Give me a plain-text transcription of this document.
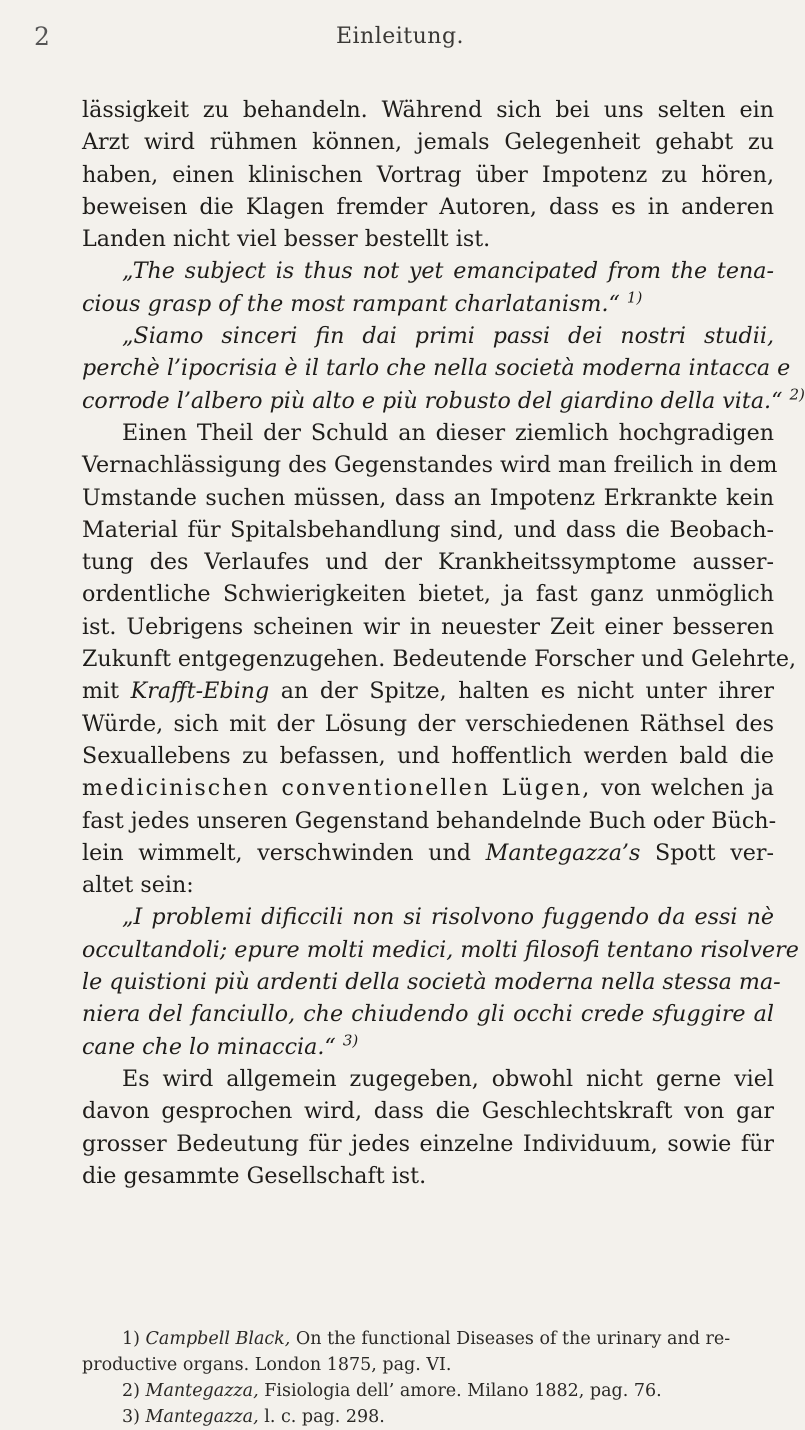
2	Einleitung.
lässigkeit zu behandeln. Während sich bei uns selten ein
Arzt wird rühmen können, jemals Gelegenheit gehabt zu
haben, einen klinischen Vortrag über Impotenz zu hören,
beweisen die Klagen fremder Autoren, dass es in anderen
Landen nicht viel besser bestellt ist.
„The subject is thus not yet emancipated from the tena-
cious grasp of the most rampant charlatanism.“ $^{1)}$
„Siamo sinceri fin dai primi passi dei nostri studii,
perchè l’ipocrisia è il tarlo che nella società moderna intacca e
corrode l’albero più alto e più robusto del giardino della vita.“ $^{2)}$
Einen Theil der Schuld an dieser ziemlich hochgradigen
Vernachlässigung des Gegenstandes wird man freilich in dem
Umstande suchen müssen, dass an Impotenz Erkrankte kein
Material für Spitalsbehandlung sind, und dass die Beobach-
tung des Verlaufes und der Krankheitssymptome ausser-
ordentliche Schwierigkeiten bietet, ja fast ganz unmöglich
ist. Uebrigens scheinen wir in neuester Zeit einer besseren
Zukunft entgegenzugehen. Bedeutende Forscher und Gelehrte,
mit Krafft-Ebing an der Spitze, halten es nicht unter ihrer
Würde, sich mit der Lösung der verschiedenen Räthsel des
Sexuallebens zu befassen, und hoffentlich werden bald die
medicinischen conventionellen Lügen, von welchen ja
fast jedes unseren Gegenstand behandelnde Buch oder Büch-
lein wimmelt, verschwinden und Mantegazza’s Spott ver-
altet sein:
„I problemi dificcili non si risolvono fuggendo da essi nè
occultandoli; epure molti medici, molti filosofi tentano risolvere
le quistioni più ardenti della società moderna nella stessa ma-
niera del fanciullo, che chiudendo gli occhi crede sfuggire al
cane che lo minaccia.“ $^{3)}$
Es wird allgemein zugegeben, obwohl nicht gerne viel
davon gesprochen wird, dass die Geschlechtskraft von gar
grosser Bedeutung für jedes einzelne Individuum, sowie für
die gesammte Gesellschaft ist.
1) Campbell Black, On the functional Diseases of the urinary and re-
productive organs. London 1875, pag. VI.
2) Mantegazza, Fisiologia dell’ amore. Milano 1882, pag. 76.
3) Mantegazza, l. c. pag. 298.
